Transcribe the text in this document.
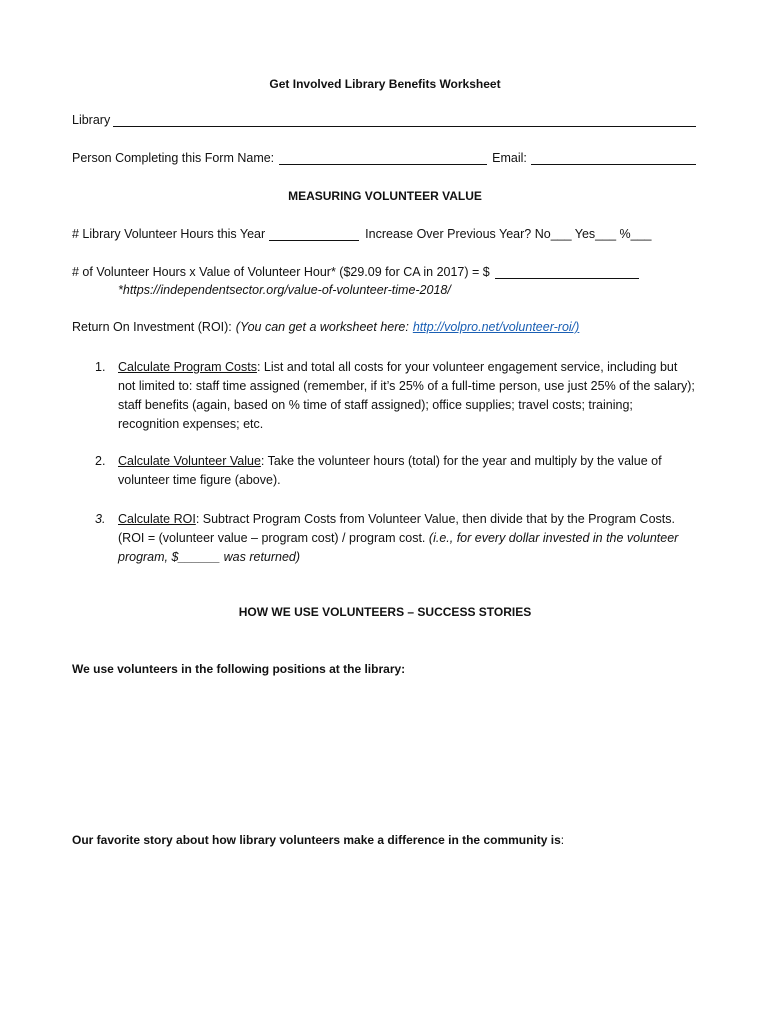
Get Involved Library Benefits Worksheet
Library
Person Completing this Form Name:	Email:
MEASURING VOLUNTEER VALUE
# Library Volunteer Hours this Year	Increase Over Previous Year? No___ Yes___ %___
# of Volunteer Hours x Value of Volunteer Hour* ($29.09 for CA in 2017) = $
*https://independentsector.org/value-of-volunteer-time-2018/
Return On Investment (ROI): (You can get a worksheet here: http://volpro.net/volunteer-roi/)
1.	Calculate Program Costs: List and total all costs for your volunteer engagement service, including but not limited to: staff time assigned (remember, if it’s 25% of a full-time person, use just 25% of the salary); staff benefits (again, based on % time of staff assigned); office supplies; travel costs; training; recognition expenses; etc.
2.	Calculate Volunteer Value: Take the volunteer hours (total) for the year and multiply by the value of volunteer time figure (above).
3.	Calculate ROI: Subtract Program Costs from Volunteer Value, then divide that by the Program Costs. (ROI = (volunteer value – program cost) / program cost. (i.e., for every dollar invested in the volunteer program, $______ was returned)
HOW WE USE VOLUNTEERS – SUCCESS STORIES
We use volunteers in the following positions at the library:
Our favorite story about how library volunteers make a difference in the community is :
